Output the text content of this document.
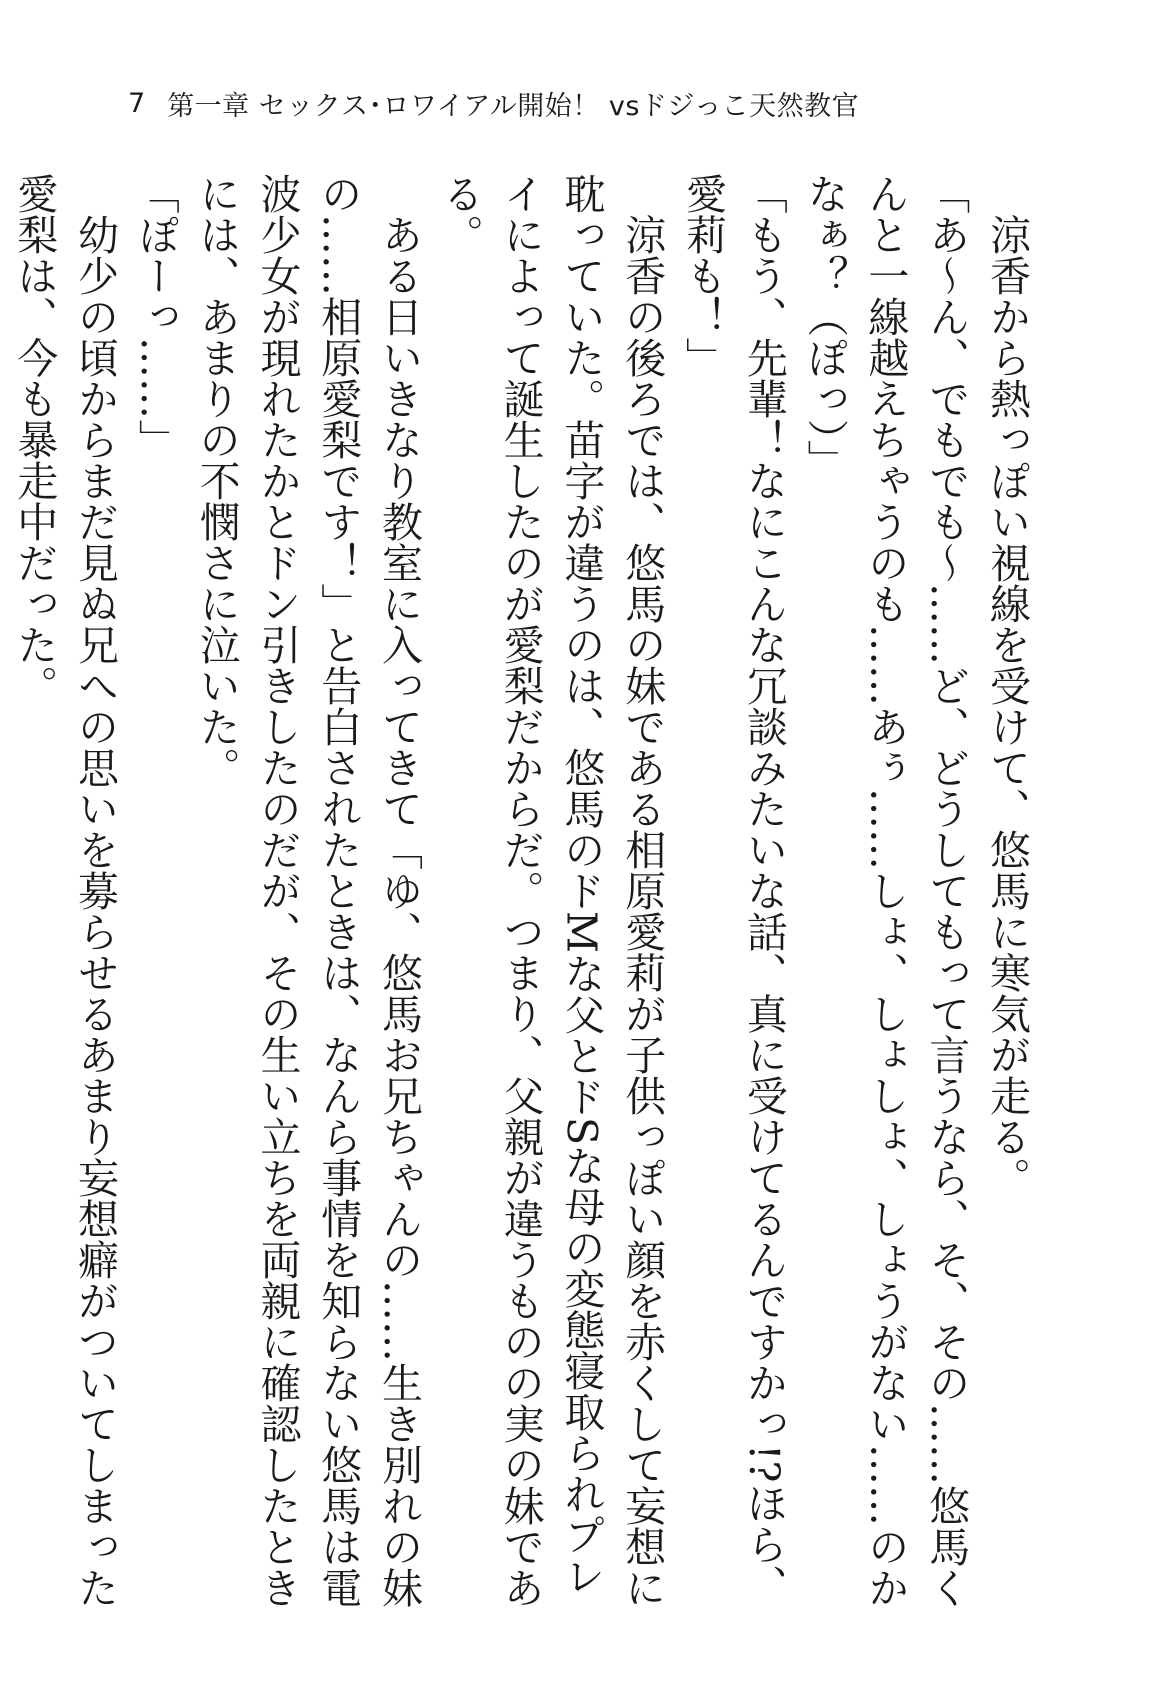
7 第一章 セックス･ロワイアル開始！ vsドジっこ天然教官

涼香から熱っぽい視線を受けて、悠馬に寒気が走る。

「あ〜ん、でもでも〜……ど、どうしてもって言うなら、そ、その……悠馬くんと一線越えちゃうのも……あぅ……しょ、しょしょ、しょうがない……のかなぁ？（ぽっ）」

「もう、先輩！なにこんな冗談みたいな話、真に受けてるんですかっ!?ほら、愛莉も！」

涼香の後ろでは、悠馬の妹である相原愛莉が子供っぽい顔を赤くして妄想に耽っていた。苗字が違うのは、悠馬のドMな父とドSな母の変態寝取られプレイによって誕生したのが愛梨だからだ。つまり、父親が違うものの実の妹である。

ある日いきなり教室に入ってきて「ゆ、悠馬お兄ちゃんの……生き別れの妹の……相原愛梨です！」と告白されたときは、なんら事情を知らない悠馬は電波少女が現れたかとドン引きしたのだが、その生い立ちを両親に確認したときには、あまりの不憫さに泣いた。

「ぽーっ……」

幼少の頃からまだ見ぬ兄への思いを募らせるあまり妄想癖がついてしまった愛梨は、今も暴走中だった。
